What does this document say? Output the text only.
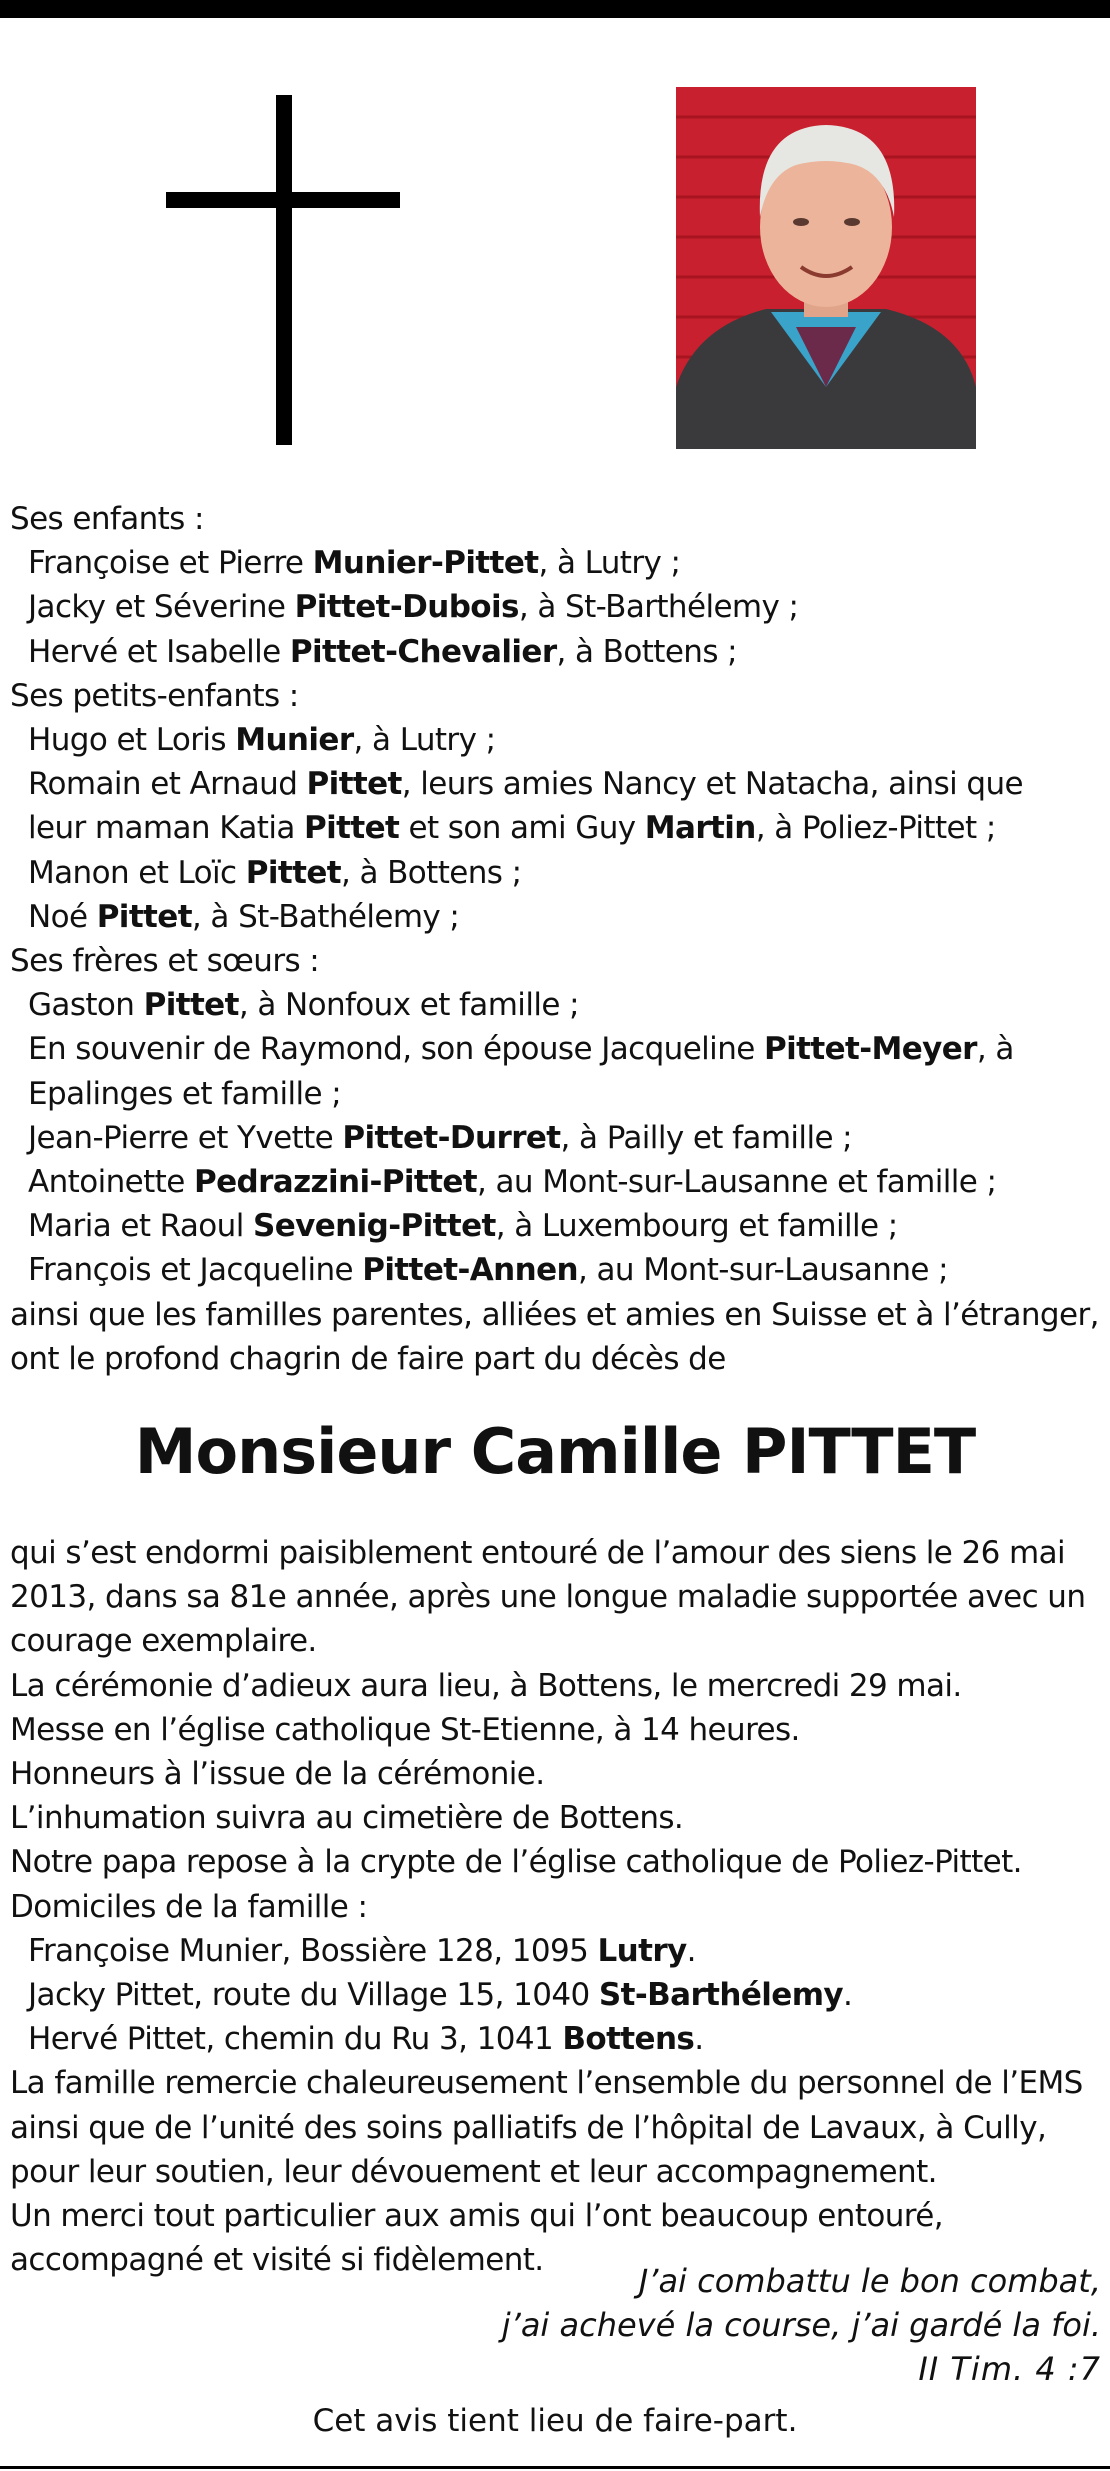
Ses enfants :
Françoise et Pierre Munier-Pittet, à Lutry ;
Jacky et Séverine Pittet-Dubois, à St-Barthélemy ;
Hervé et Isabelle Pittet-Chevalier, à Bottens ;
Ses petits-enfants :
Hugo et Loris Munier, à Lutry ;
Romain et Arnaud Pittet, leurs amies Nancy et Natacha, ainsi que
leur maman Katia Pittet et son ami Guy Martin, à Poliez-Pittet ;
Manon et Loïc Pittet, à Bottens ;
Noé Pittet, à St-Bathélemy ;
Ses frères et sœurs :
Gaston Pittet, à Nonfoux et famille ;
En souvenir de Raymond, son épouse Jacqueline Pittet-Meyer, à
Epalinges et famille ;
Jean-Pierre et Yvette Pittet-Durret, à Pailly et famille ;
Antoinette Pedrazzini-Pittet, au Mont-sur-Lausanne et famille ;
Maria et Raoul Sevenig-Pittet, à Luxembourg et famille ;
François et Jacqueline Pittet-Annen, au Mont-sur-Lausanne ;
ainsi que les familles parentes, alliées et amies en Suisse et à l’étranger,
ont le profond chagrin de faire part du décès de
Monsieur Camille PITTET
qui s’est endormi paisiblement entouré de l’amour des siens le 26 mai
2013, dans sa 81e année, après une longue maladie supportée avec un
courage exemplaire.
La cérémonie d’adieux aura lieu, à Bottens, le mercredi 29 mai.
Messe en l’église catholique St-Etienne, à 14 heures.
Honneurs à l’issue de la cérémonie.
L’inhumation suivra au cimetière de Bottens.
Notre papa repose à la crypte de l’église catholique de Poliez-Pittet.
Domiciles de la famille :
Françoise Munier, Bossière 128, 1095 Lutry.
Jacky Pittet, route du Village 15, 1040 St-Barthélemy.
Hervé Pittet, chemin du Ru 3, 1041 Bottens.
La famille remercie chaleureusement l’ensemble du personnel de l’EMS
ainsi que de l’unité des soins palliatifs de l’hôpital de Lavaux, à Cully,
pour leur soutien, leur dévouement et leur accompagnement.
Un merci tout particulier aux amis qui l’ont beaucoup entouré,
accompagné et visité si fidèlement.
J’ai combattu le bon combat,
j’ai achevé la course, j’ai gardé la foi.
II Tim. 4 :7
Cet avis tient lieu de faire-part.
